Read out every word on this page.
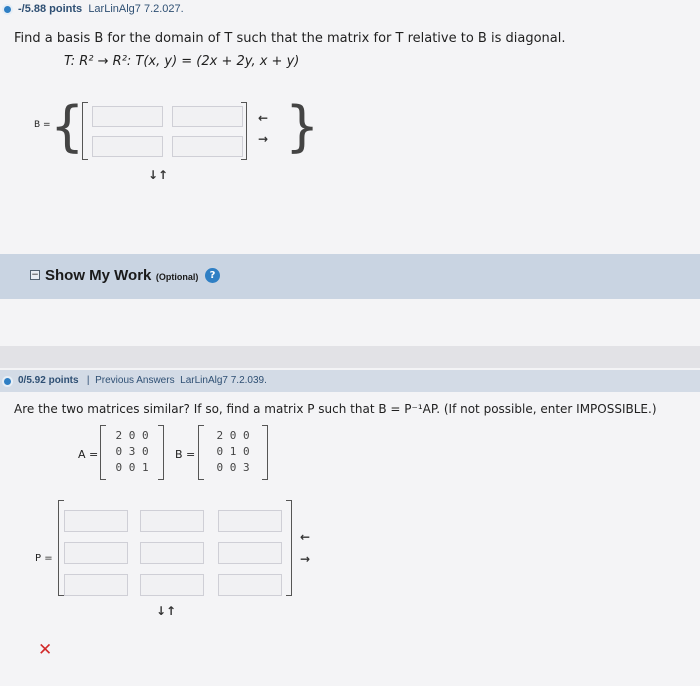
-/5.88 points LarLinAlg7 7.2.027.
Find a basis B for the domain of T such that the matrix for T relative to B is diagonal.
T: R² → R²: T(x, y) = (2x + 2y, x + y)
B = {	←
→ }
↓↑
− Show My Work (Optional)	?
0/5.92 points | Previous Answers LarLinAlg7 7.2.039.
Are the two matrices similar? If so, find a matrix P such that B = P⁻¹AP. (If not possible, enter IMPOSSIBLE.)
A =
2 0 0
0 3 0
0 0 1
B =
2 0 0
0 1 0
0 0 3
P =
←
→
↓↑
✕
